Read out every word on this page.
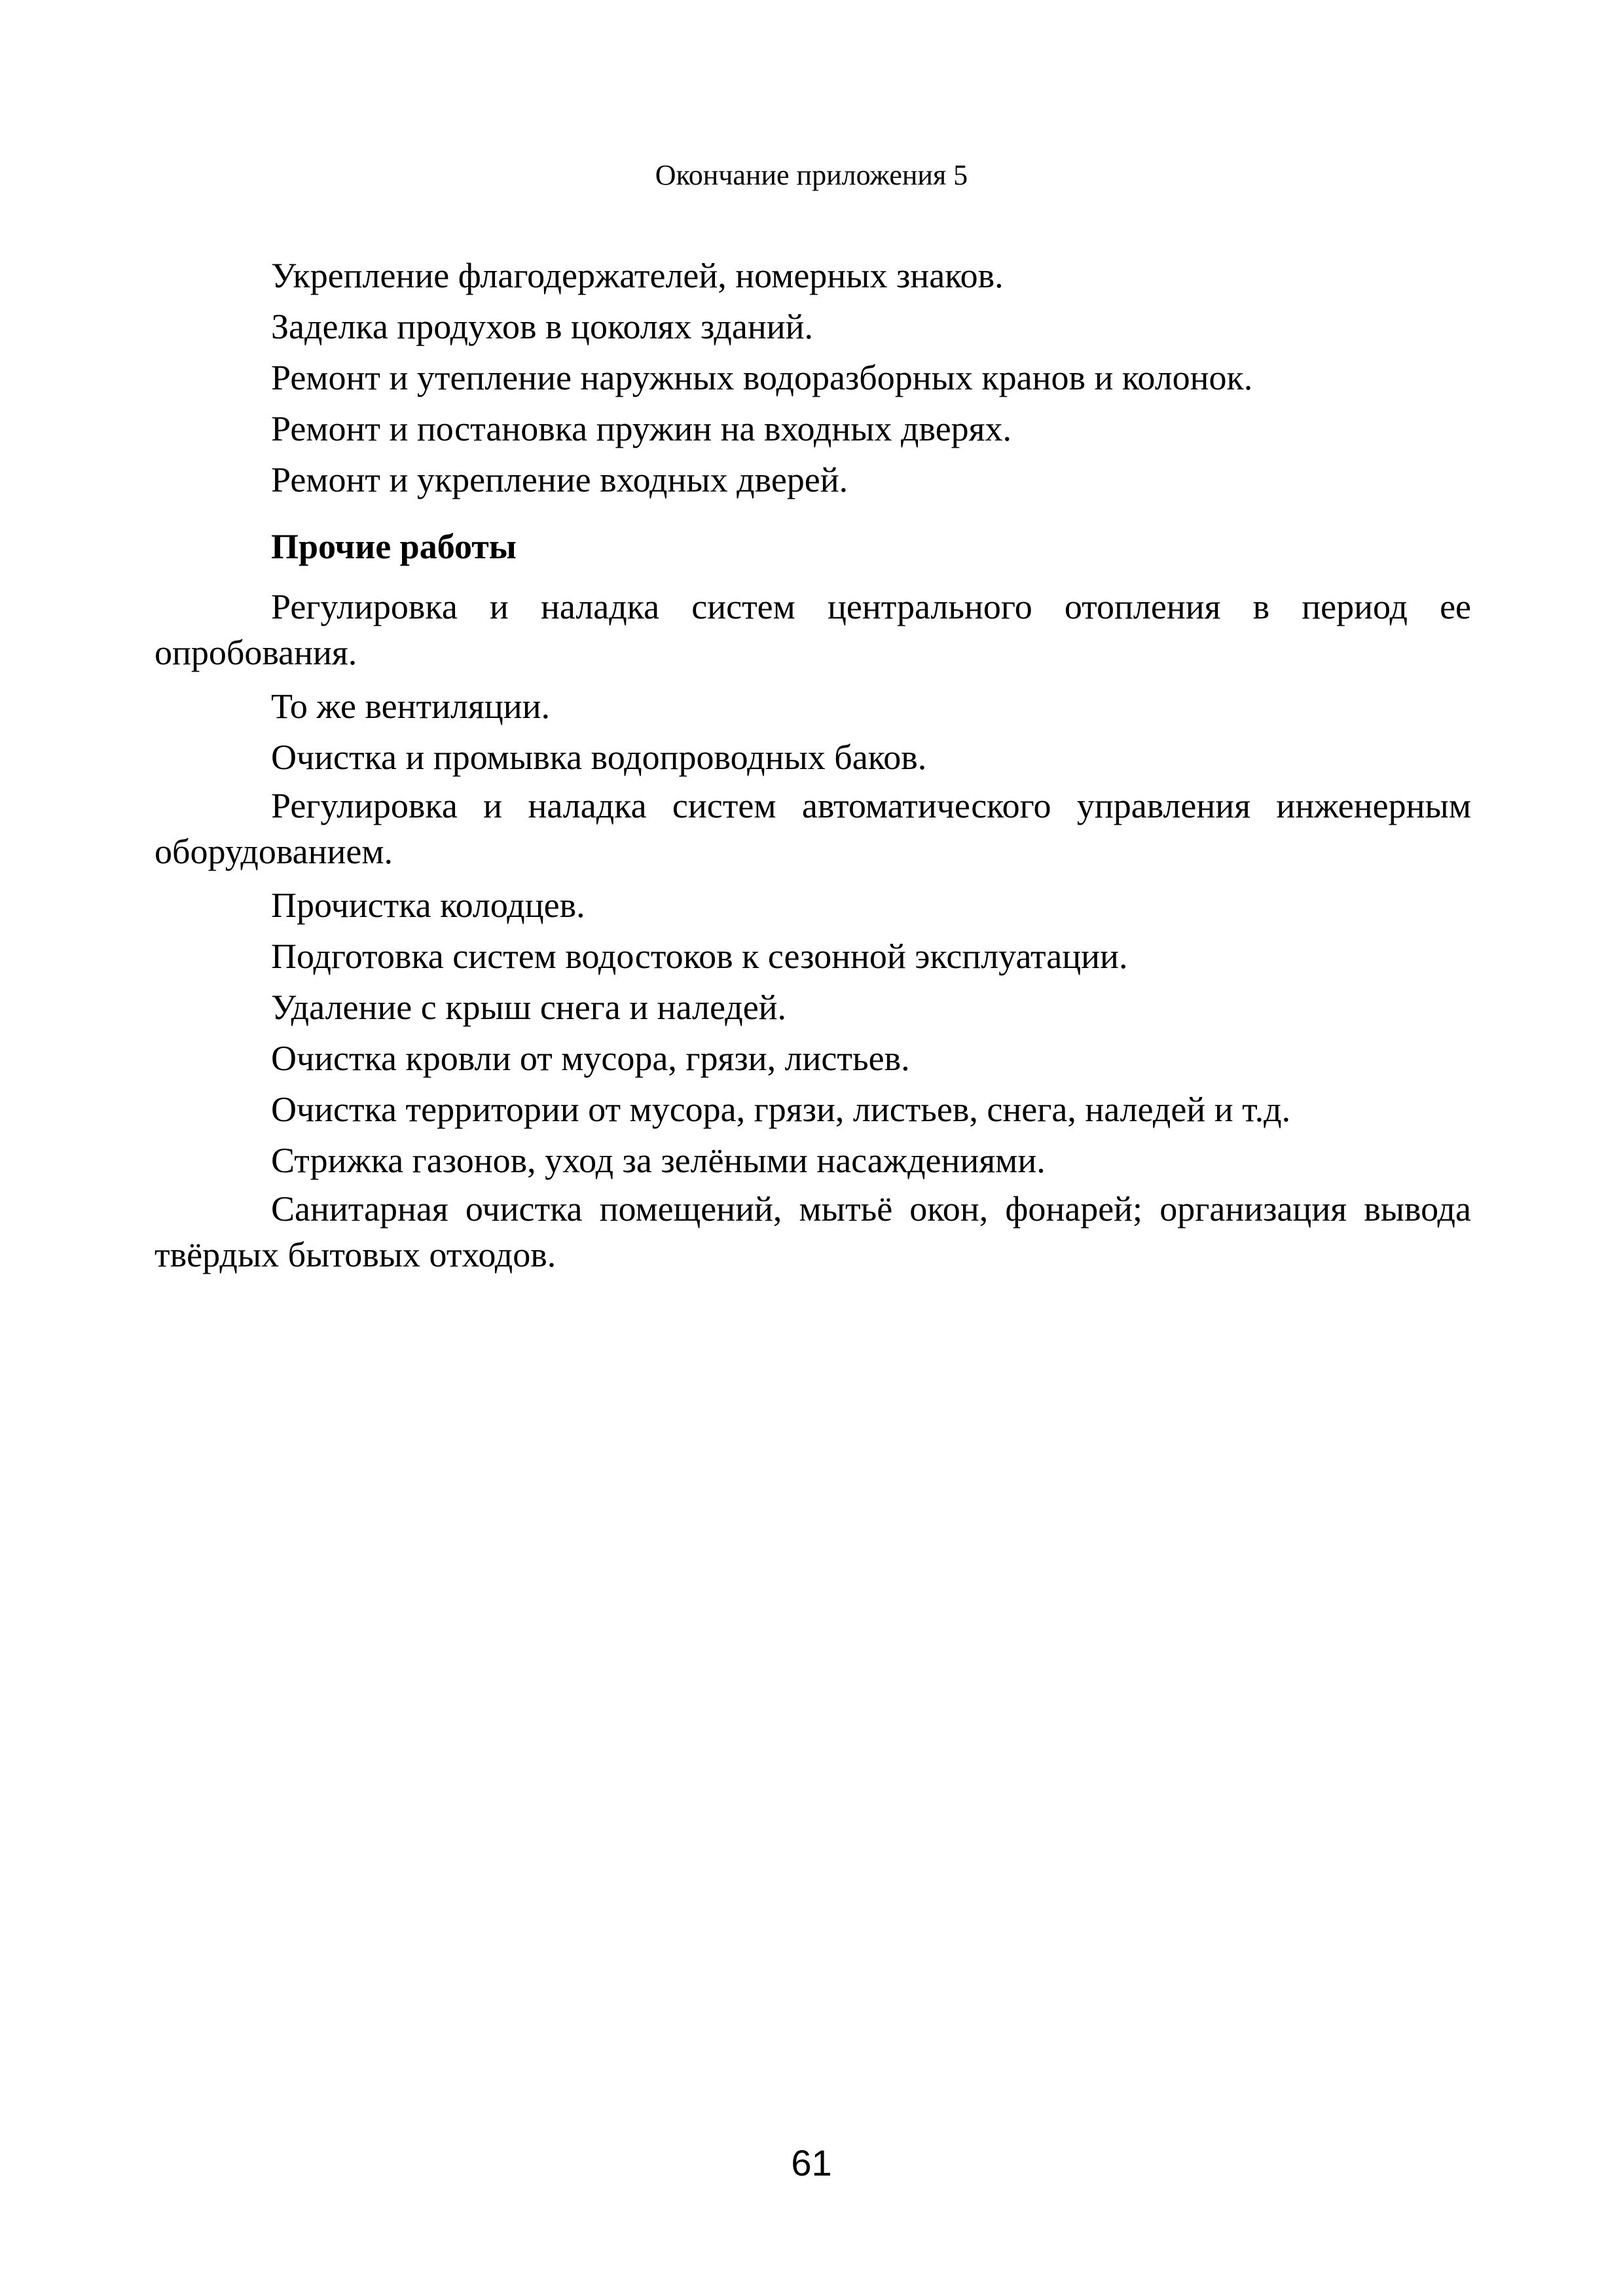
Окончание приложения 5

Укрепление флагодержателей, номерных знаков.

Заделка продухов в цоколях зданий.

Ремонт и утепление наружных водоразборных кранов и колонок.

Ремонт и постановка пружин на входных дверях.

Ремонт и укрепление входных дверей.

Прочие работы

Регулировка и наладка систем центрального отопления в период ее опробования.

То же вентиляции.

Очистка и промывка водопроводных баков.

Регулировка и наладка систем автоматического управления инженерным оборудованием.

Прочистка колодцев.

Подготовка систем водостоков к сезонной эксплуатации.

Удаление с крыш снега и наледей.

Очистка кровли от мусора, грязи, листьев.

Очистка территории от мусора, грязи, листьев, снега, наледей и т.д.

Стрижка газонов, уход за зелёными насаждениями.

Санитарная очистка помещений, мытьё окон, фонарей; организация вывода твёрдых бытовых отходов.

61
